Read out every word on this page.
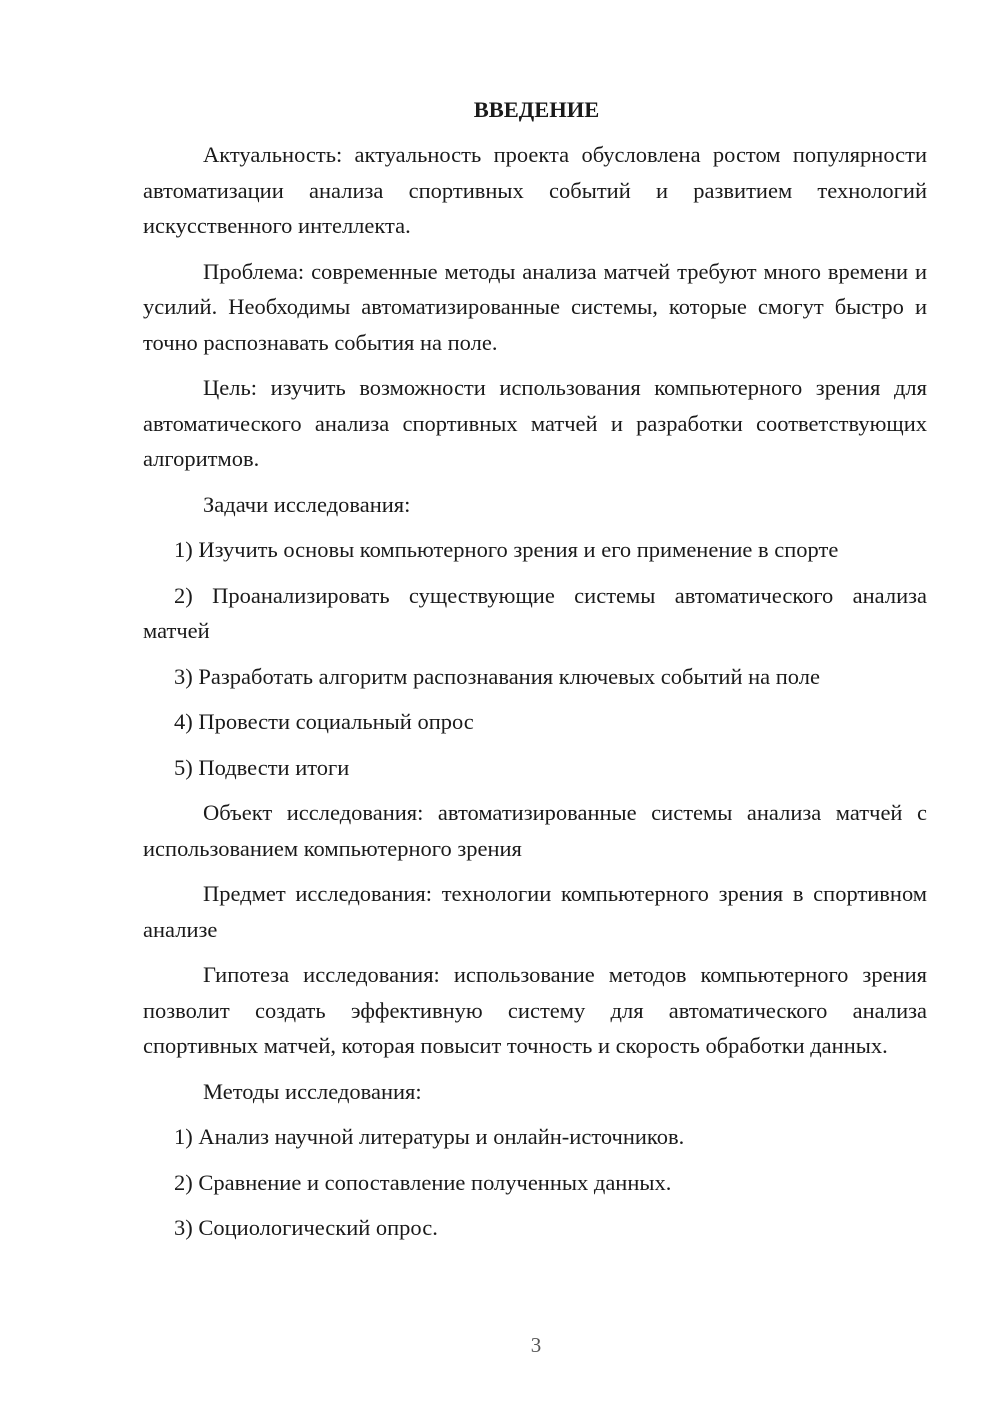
ВВЕДЕНИЕ

Актуальность: актуальность проекта обусловлена ростом популярности автоматизации анализа спортивных событий и развитием технологий искусственного интеллекта.

Проблема: современные методы анализа матчей требуют много времени и усилий. Необходимы автоматизированные системы, которые смогут быстро и точно распознавать события на поле.

Цель: изучить возможности использования компьютерного зрения для автоматического анализа спортивных матчей и разработки соответствующих алгоритмов.

Задачи исследования:

1) Изучить основы компьютерного зрения и его применение в спорте

2) Проанализировать существующие системы автоматического анализа матчей

3) Разработать алгоритм распознавания ключевых событий на поле

4) Провести социальный опрос

5) Подвести итоги

Объект исследования: автоматизированные системы анализа матчей с использованием компьютерного зрения

Предмет исследования: технологии компьютерного зрения в спортивном анализе

Гипотеза исследования: использование методов компьютерного зрения позволит создать эффективную систему для автоматического анализа спортивных матчей, которая повысит точность и скорость обработки данных.

Методы исследования:

1) Анализ научной литературы и онлайн-источников.

2) Сравнение и сопоставление полученных данных.

3) Социологический опрос.

3
